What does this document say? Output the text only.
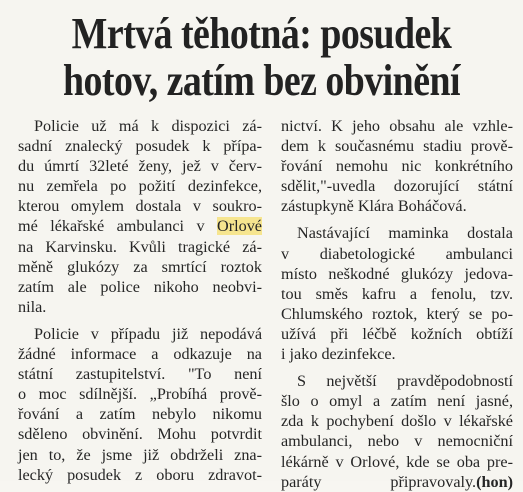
Mrtvá těhotná: posudek
hotov, zatím bez obvinění

Policie už má k dispozici zá-
sadní znalecký posudek k přípa-
du úmrtí 32leté ženy, jež v červ-
nu zemřela po požití dezinfekce,
kterou omylem dostala v soukro-
mé lékařské ambulanci v Orlové
na Karvinsku. Kvůli tragické zá-
měně glukózy za smrtící roztok
zatím ale police nikoho neobvi-
nila.

Policie v případu již nepodává
žádné informace a odkazuje na
státní zastupitelství. "To není
o moc sdílnější. „Probíhá prově-
řování a zatím nebylo nikomu
sděleno obvinění. Mohu potvrdit
jen to, že jsme již obdrželi zna-
lecký posudek z oboru zdravot-

nictví. K jeho obsahu ale vzhle-
dem k současnému stadiu prově-
řování nemohu nic konkrétního
sdělit,"-uvedla dozorující státní
zástupkyně Klára Boháčová.

Nastávající maminka dostala
v diabetologické ambulanci
místo neškodné glukózy jedova-
tou směs kafru a fenolu, tzv.
Chlumského roztok, který se po-
užívá při léčbě kožních obtíží
i jako dezinfekce.

S největší pravděpodobností
šlo o omyl a zatím není jasné,
zda k pochybení došlo v lékařské
ambulanci, nebo v nemocniční
lékárně v Orlové, kde se oba pre-
paráty připravovaly. (hon)
